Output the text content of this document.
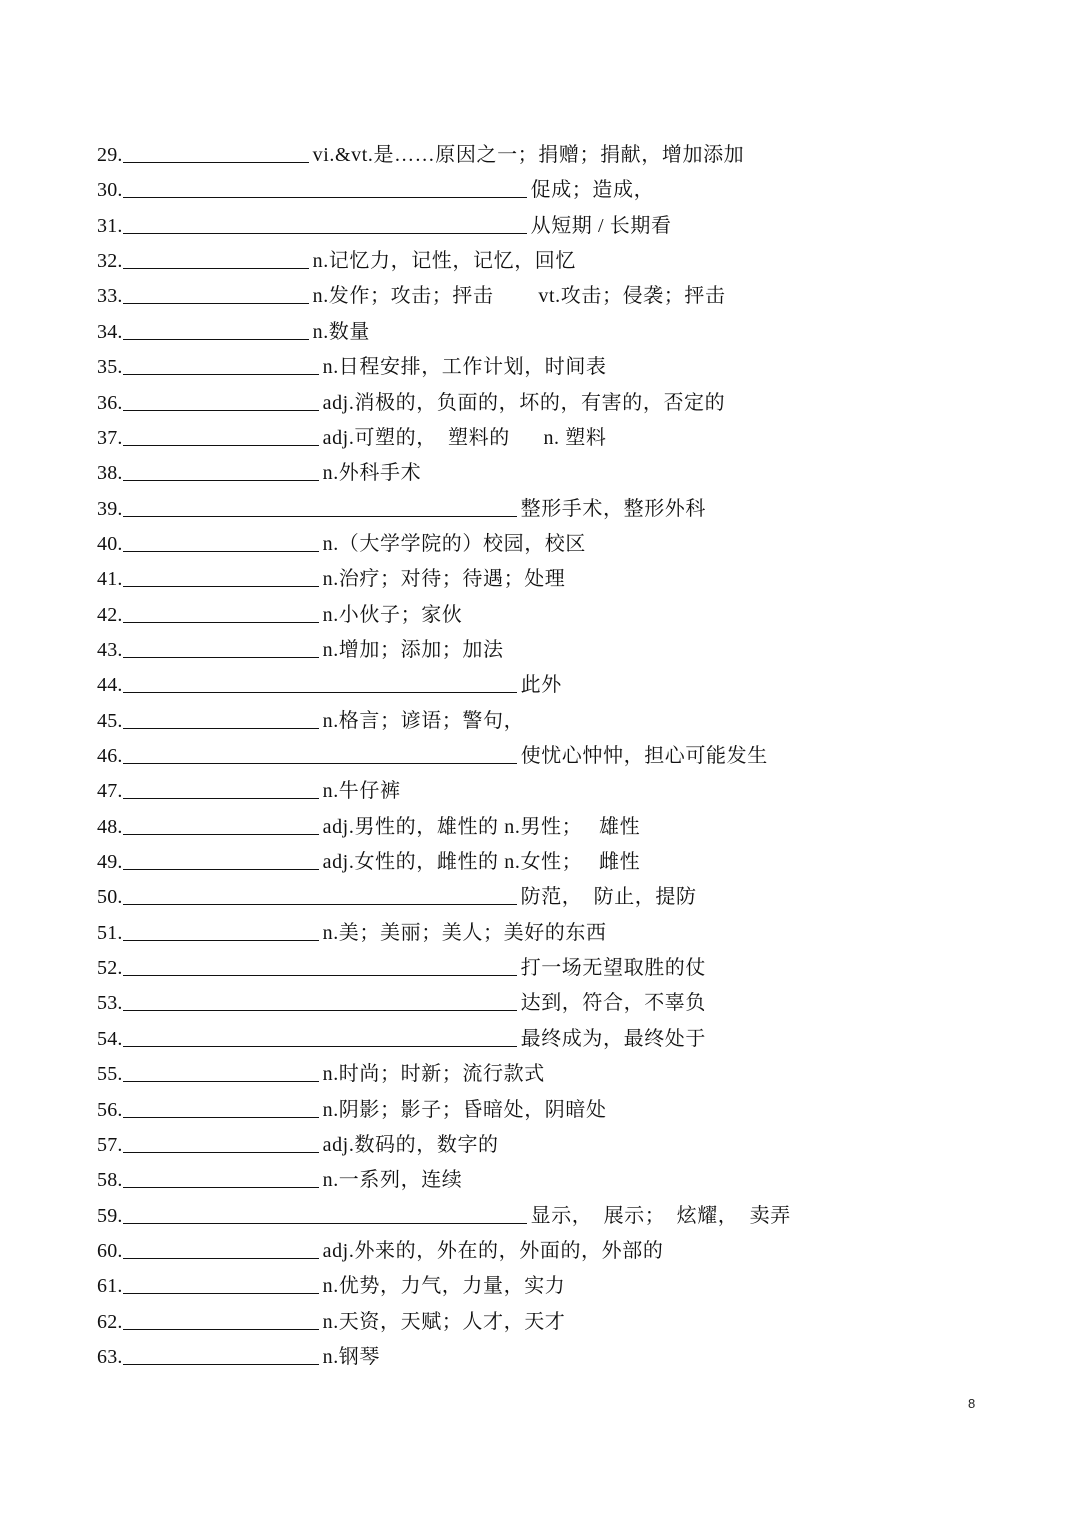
29.	vi.&vt.是……原因之一；捐赠；捐献，增加添加
30.	促成；造成，
31.	从短期 / 长期看
32.	n.记忆力，记性，记忆，回忆
33.	n.发作；攻击；抨击        vt.攻击；侵袭；抨击
34.	n.数量
35.	n.日程安排，工作计划，时间表
36.	adj.消极的，负面的，坏的，有害的，否定的
37.	adj.可塑的，  塑料的      n. 塑料
38.	n.外科手术
39.	整形手术，整形外科
40.	n.（大学学院的）校园，校区
41.	n.治疗；对待；待遇；处理
42.	n.小伙子；家伙
43.	n.增加；添加；加法
44.	此外
45.	n.格言；谚语；警句，
46.	使忧心忡忡，担心可能发生
47.	n.牛仔裤
48.	adj.男性的，雄性的 n.男性；   雄性
49.	adj.女性的，雌性的 n.女性；   雌性
50.	防范，  防止，提防
51.	n.美；美丽；美人；美好的东西
52.	打一场无望取胜的仗
53.	达到，符合，不辜负
54.	最终成为，最终处于
55.	n.时尚；时新；流行款式
56.	n.阴影；影子；昏暗处，阴暗处
57.	adj.数码的，数字的
58.	n.一系列，连续
59.	显示，  展示；  炫耀，  卖弄
60.	adj.外来的，外在的，外面的，外部的
61.	n.优势，力气，力量，实力
62.	n.天资，天赋；人才，天才
63.	n.钢琴
8
